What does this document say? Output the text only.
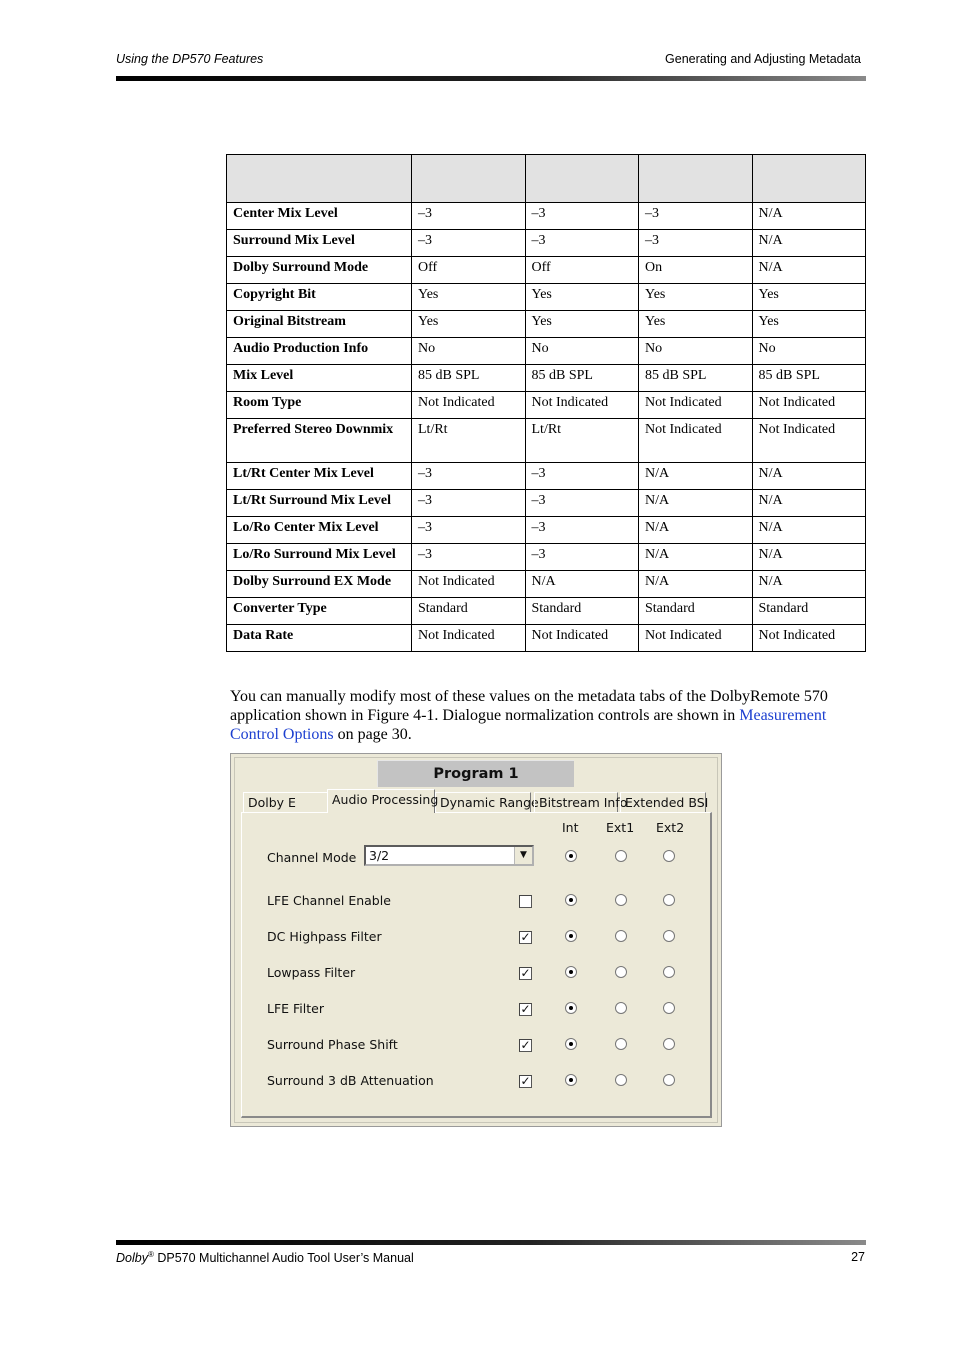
Using the DP570 Features	Generating and Adjusting Metadata

Center Mix Level	–3	–3	–3	N/A
Surround Mix Level	–3	–3	–3	N/A
Dolby Surround Mode	Off	Off	On	N/A
Copyright Bit	Yes	Yes	Yes	Yes
Original Bitstream	Yes	Yes	Yes	Yes
Audio Production Info	No	No	No	No
Mix Level	85 dB SPL	85 dB SPL	85 dB SPL	85 dB SPL
Room Type	Not Indicated	Not Indicated	Not Indicated	Not Indicated
Preferred Stereo Downmix	Lt/Rt	Lt/Rt	Not Indicated	Not Indicated
Lt/Rt Center Mix Level	–3	–3	N/A	N/A
Lt/Rt Surround Mix Level	–3	–3	N/A	N/A
Lo/Ro Center Mix Level	–3	–3	N/A	N/A
Lo/Ro Surround Mix Level	–3	–3	N/A	N/A
Dolby Surround EX Mode	Not Indicated	N/A	N/A	N/A
Converter Type	Standard	Standard	Standard	Standard
Data Rate	Not Indicated	Not Indicated	Not Indicated	Not Indicated
You can manually modify most of these values on the metadata tabs of the DolbyRemote 570 application shown in Figure 4-1. Dialogue normalization controls are shown in Measurement Control Options on page 30.
Program 1
Dolby E	Audio Processing Dynamic Range Bitstream Info
Extended BSI
Int Ext1 Ext2
Channel Mode 3/2	▼
LFE Channel Enable
DC Highpass Filter	✓
Lowpass Filter	✓
LFE Filter	✓
Surround Phase Shift	✓
Surround 3 dB Attenuation	✓
Dolby® DP570 Multichannel Audio Tool User’s Manual	27
